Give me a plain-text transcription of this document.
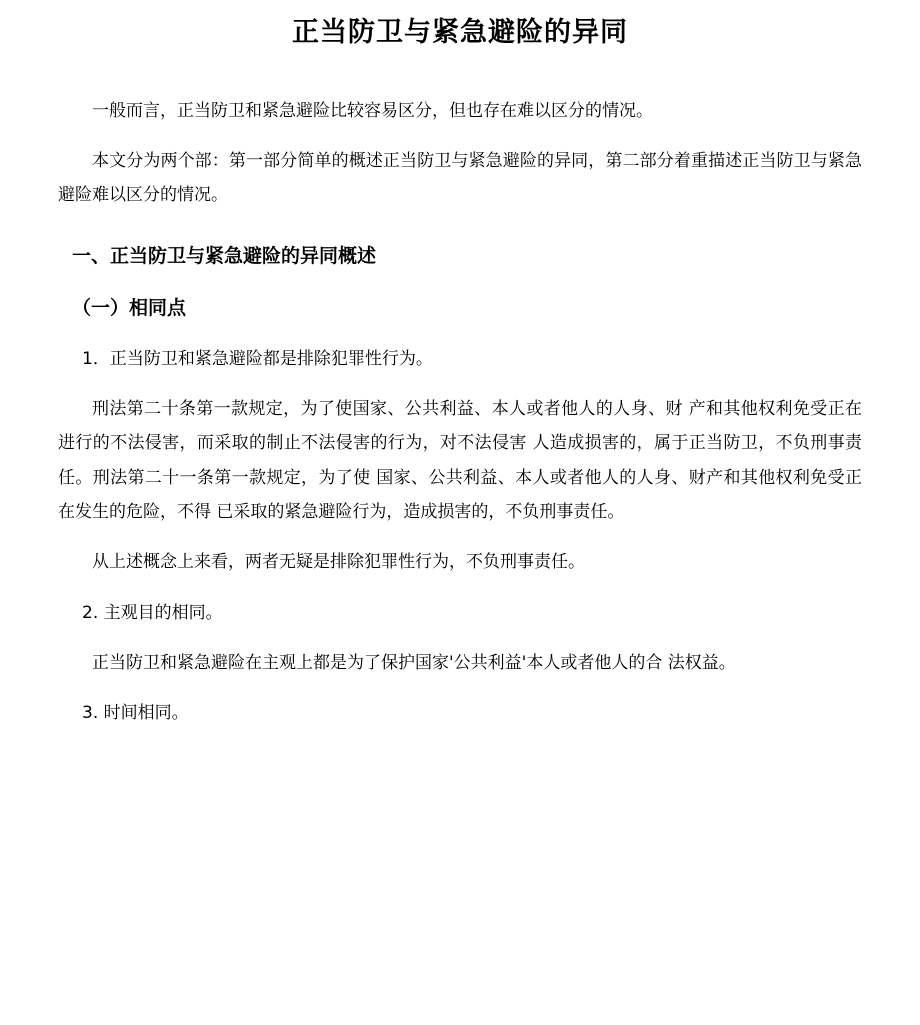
正当防卫与紧急避险的异同

一般而言，正当防卫和紧急避险比较容易区分，但也存在难以区分的情况。

本文分为两个部：第一部分简单的概述正当防卫与紧急避险的异同，第二部分着重描述正当防卫与紧急避险难以区分的情况。

一、正当防卫与紧急避险的异同概述

（一）相同点

1．正当防卫和紧急避险都是排除犯罪性行为。

刑法第二十条第一款规定，为了使国家、公共利益、本人或者他人的人身、财 产和其他权利免受正在进行的不法侵害，而采取的制止不法侵害的行为，对不法侵害 人造成损害的，属于正当防卫，不负刑事责任。刑法第二十一条第一款规定，为了使 国家、公共利益、本人或者他人的人身、财产和其他权利免受正在发生的危险，不得 已采取的紧急避险行为，造成损害的，不负刑事责任。

从上述概念上来看，两者无疑是排除犯罪性行为，不负刑事责任。

2. 主观目的相同。

正当防卫和紧急避险在主观上都是为了保护国家'公共利益'本人或者他人的合 法权益。

3. 时间相同。
